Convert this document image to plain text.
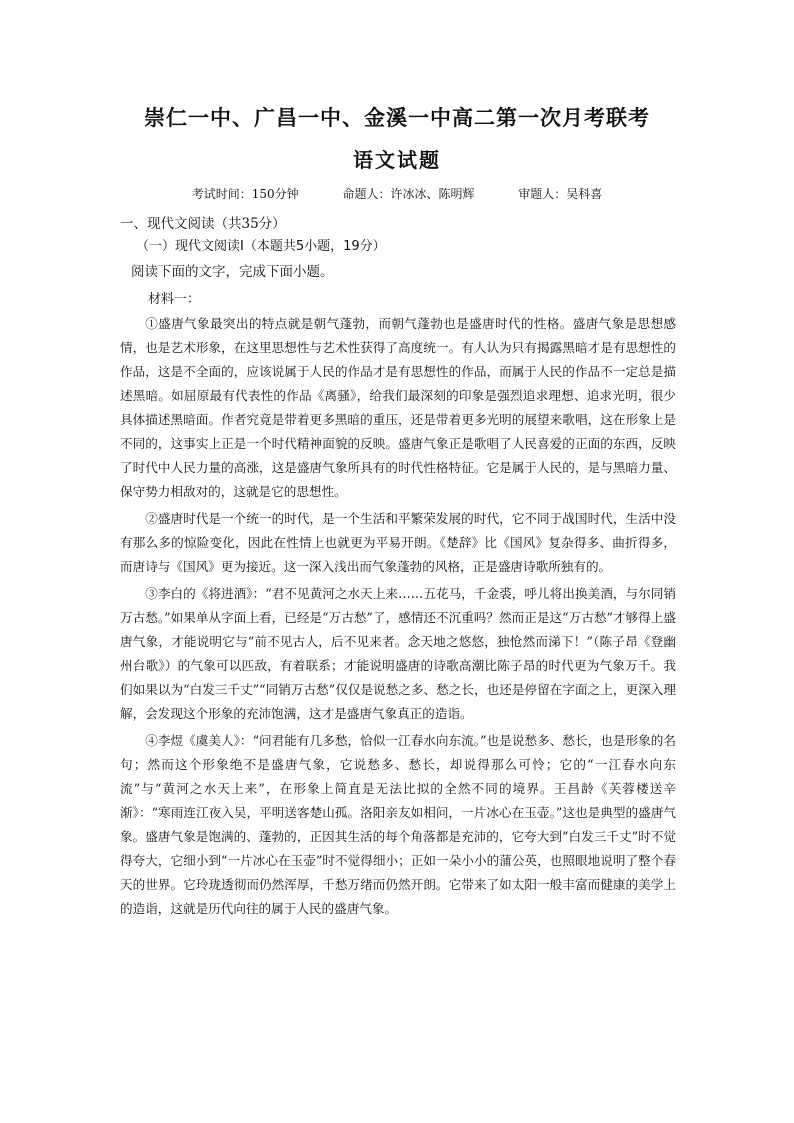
崇仁一中、广昌一中、金溪一中高二第一次月考联考
语文试题
考试时间：150分钟	命题人：许冰冰、陈明辉	审题人：吴科喜
一、现代文阅读（共35分）
（一）现代文阅读Ⅰ（本题共5小题，19分）
阅读下面的文字，完成下面小题。
材料一：

①盛唐气象最突出的特点就是朝气蓬勃，而朝气蓬勃也是盛唐时代的性格。盛唐气象是思想感情，也是艺术形象，在这里思想性与艺术性获得了高度统一。有人认为只有揭露黑暗才是有思想性的作品，这是不全面的，应该说属于人民的作品才是有思想性的作品，而属于人民的作品不一定总是描述黑暗。如屈原最有代表性的作品《离骚》，给我们最深刻的印象是强烈追求理想、追求光明，很少具体描述黑暗面。作者究竟是带着更多黑暗的重压，还是带着更多光明的展望来歌唱，这在形象上是不同的，这事实上正是一个时代精神面貌的反映。盛唐气象正是歌唱了人民喜爱的正面的东西，反映了时代中人民力量的高涨，这是盛唐气象所具有的时代性格特征。它是属于人民的，是与黑暗力量、保守势力相敌对的，这就是它的思想性。

②盛唐时代是一个统一的时代，是一个生活和平繁荣发展的时代，它不同于战国时代，生活中没有那么多的惊险变化，因此在性情上也就更为平易开朗。《楚辞》比《国风》复杂得多、曲折得多，而唐诗与《国风》更为接近。这一深入浅出而气象蓬勃的风格，正是盛唐诗歌所独有的。

③李白的《将进酒》：“君不见黄河之水天上来……五花马，千金裘，呼儿将出换美酒，与尔同销万古愁。”如果单从字面上看，已经是“万古愁”了，感情还不沉重吗？然而正是这“万古愁”才够得上盛唐气象，才能说明它与“前不见古人，后不见来者。念天地之悠悠，独怆然而涕下！”（陈子昂《登幽州台歌》）的气象可以匹敌，有着联系；才能说明盛唐的诗歌高潮比陈子昂的时代更为气象万千。我们如果以为“白发三千丈”“同销万古愁”仅仅是说愁之多、愁之长，也还是停留在字面之上，更深入理解，会发现这个形象的充沛饱满，这才是盛唐气象真正的造诣。

④李煜《虞美人》：“问君能有几多愁，恰似一江春水向东流。”也是说愁多、愁长，也是形象的名句；然而这个形象绝不是盛唐气象，它说愁多、愁长，却说得那么可怜；它的“一江春水向东流”与“黄河之水天上来”，在形象上简直是无法比拟的全然不同的境界。王昌龄《芙蓉楼送辛渐》：“寒雨连江夜入吴，平明送客楚山孤。洛阳亲友如相问，一片冰心在玉壶。”这也是典型的盛唐气象。盛唐气象是饱满的、蓬勃的，正因其生活的每个角落都是充沛的，它夸大到“白发三千丈”时不觉得夸大，它细小到“一片冰心在玉壶”时不觉得细小；正如一朵小小的蒲公英，也照眼地说明了整个春天的世界。它玲珑透彻而仍然浑厚，千愁万绪而仍然开朗。它带来了如太阳一般丰富而健康的美学上的造诣，这就是历代向往的属于人民的盛唐气象。
